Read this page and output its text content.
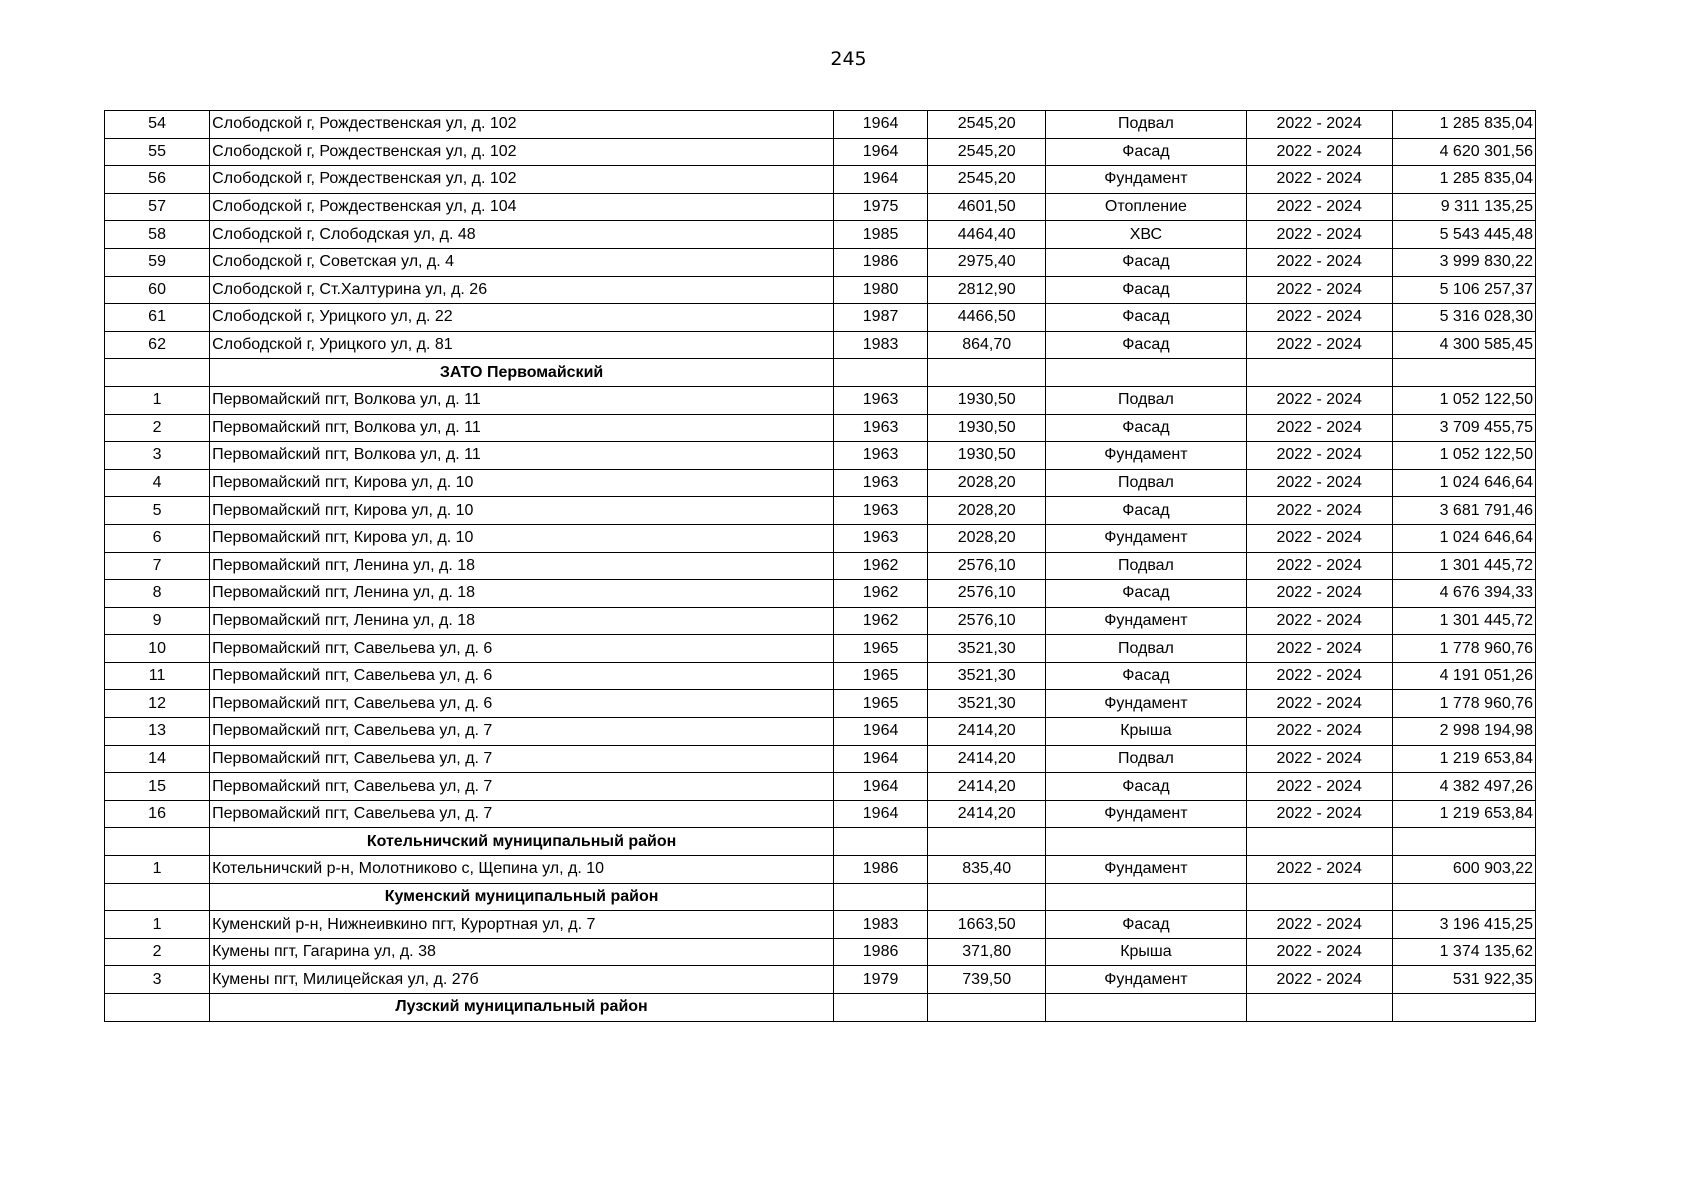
245
54	Слободской г, Рождественская ул, д. 102	1964	2545,20	Подвал	2022 - 2024	1 285 835,04
55	Слободской г, Рождественская ул, д. 102	1964	2545,20	Фасад	2022 - 2024	4 620 301,56
56	Слободской г, Рождественская ул, д. 102	1964	2545,20	Фундамент	2022 - 2024	1 285 835,04
57	Слободской г, Рождественская ул, д. 104	1975	4601,50	Отопление	2022 - 2024	9 311 135,25
58	Слободской г, Слободская ул, д. 48	1985	4464,40	ХВС	2022 - 2024	5 543 445,48
59	Слободской г, Советская ул, д. 4	1986	2975,40	Фасад	2022 - 2024	3 999 830,22
60	Слободской г, Ст.Халтурина ул, д. 26	1980	2812,90	Фасад	2022 - 2024	5 106 257,37
61	Слободской г, Урицкого ул, д. 22	1987	4466,50	Фасад	2022 - 2024	5 316 028,30
62	Слободской г, Урицкого ул, д. 81	1983	864,70	Фасад	2022 - 2024	4 300 585,45
	ЗАТО Первомайский					
1	Первомайский пгт, Волкова ул, д. 11	1963	1930,50	Подвал	2022 - 2024	1 052 122,50
2	Первомайский пгт, Волкова ул, д. 11	1963	1930,50	Фасад	2022 - 2024	3 709 455,75
3	Первомайский пгт, Волкова ул, д. 11	1963	1930,50	Фундамент	2022 - 2024	1 052 122,50
4	Первомайский пгт, Кирова ул, д. 10	1963	2028,20	Подвал	2022 - 2024	1 024 646,64
5	Первомайский пгт, Кирова ул, д. 10	1963	2028,20	Фасад	2022 - 2024	3 681 791,46
6	Первомайский пгт, Кирова ул, д. 10	1963	2028,20	Фундамент	2022 - 2024	1 024 646,64
7	Первомайский пгт, Ленина ул, д. 18	1962	2576,10	Подвал	2022 - 2024	1 301 445,72
8	Первомайский пгт, Ленина ул, д. 18	1962	2576,10	Фасад	2022 - 2024	4 676 394,33
9	Первомайский пгт, Ленина ул, д. 18	1962	2576,10	Фундамент	2022 - 2024	1 301 445,72
10	Первомайский пгт, Савельева ул, д. 6	1965	3521,30	Подвал	2022 - 2024	1 778 960,76
11	Первомайский пгт, Савельева ул, д. 6	1965	3521,30	Фасад	2022 - 2024	4 191 051,26
12	Первомайский пгт, Савельева ул, д. 6	1965	3521,30	Фундамент	2022 - 2024	1 778 960,76
13	Первомайский пгт, Савельева ул, д. 7	1964	2414,20	Крыша	2022 - 2024	2 998 194,98
14	Первомайский пгт, Савельева ул, д. 7	1964	2414,20	Подвал	2022 - 2024	1 219 653,84
15	Первомайский пгт, Савельева ул, д. 7	1964	2414,20	Фасад	2022 - 2024	4 382 497,26
16	Первомайский пгт, Савельева ул, д. 7	1964	2414,20	Фундамент	2022 - 2024	1 219 653,84
	Котельничский муниципальный район					
1	Котельничский р-н, Молотниково с, Щепина ул, д. 10	1986	835,40	Фундамент	2022 - 2024	600 903,22
	Куменский муниципальный район					
1	Куменский р-н, Нижнеивкино пгт, Курортная ул, д. 7	1983	1663,50	Фасад	2022 - 2024	3 196 415,25
2	Кумены пгт, Гагарина ул, д. 38	1986	371,80	Крыша	2022 - 2024	1 374 135,62
3	Кумены пгт, Милицейская ул, д. 27б	1979	739,50	Фундамент	2022 - 2024	531 922,35
	Лузский муниципальный район					
